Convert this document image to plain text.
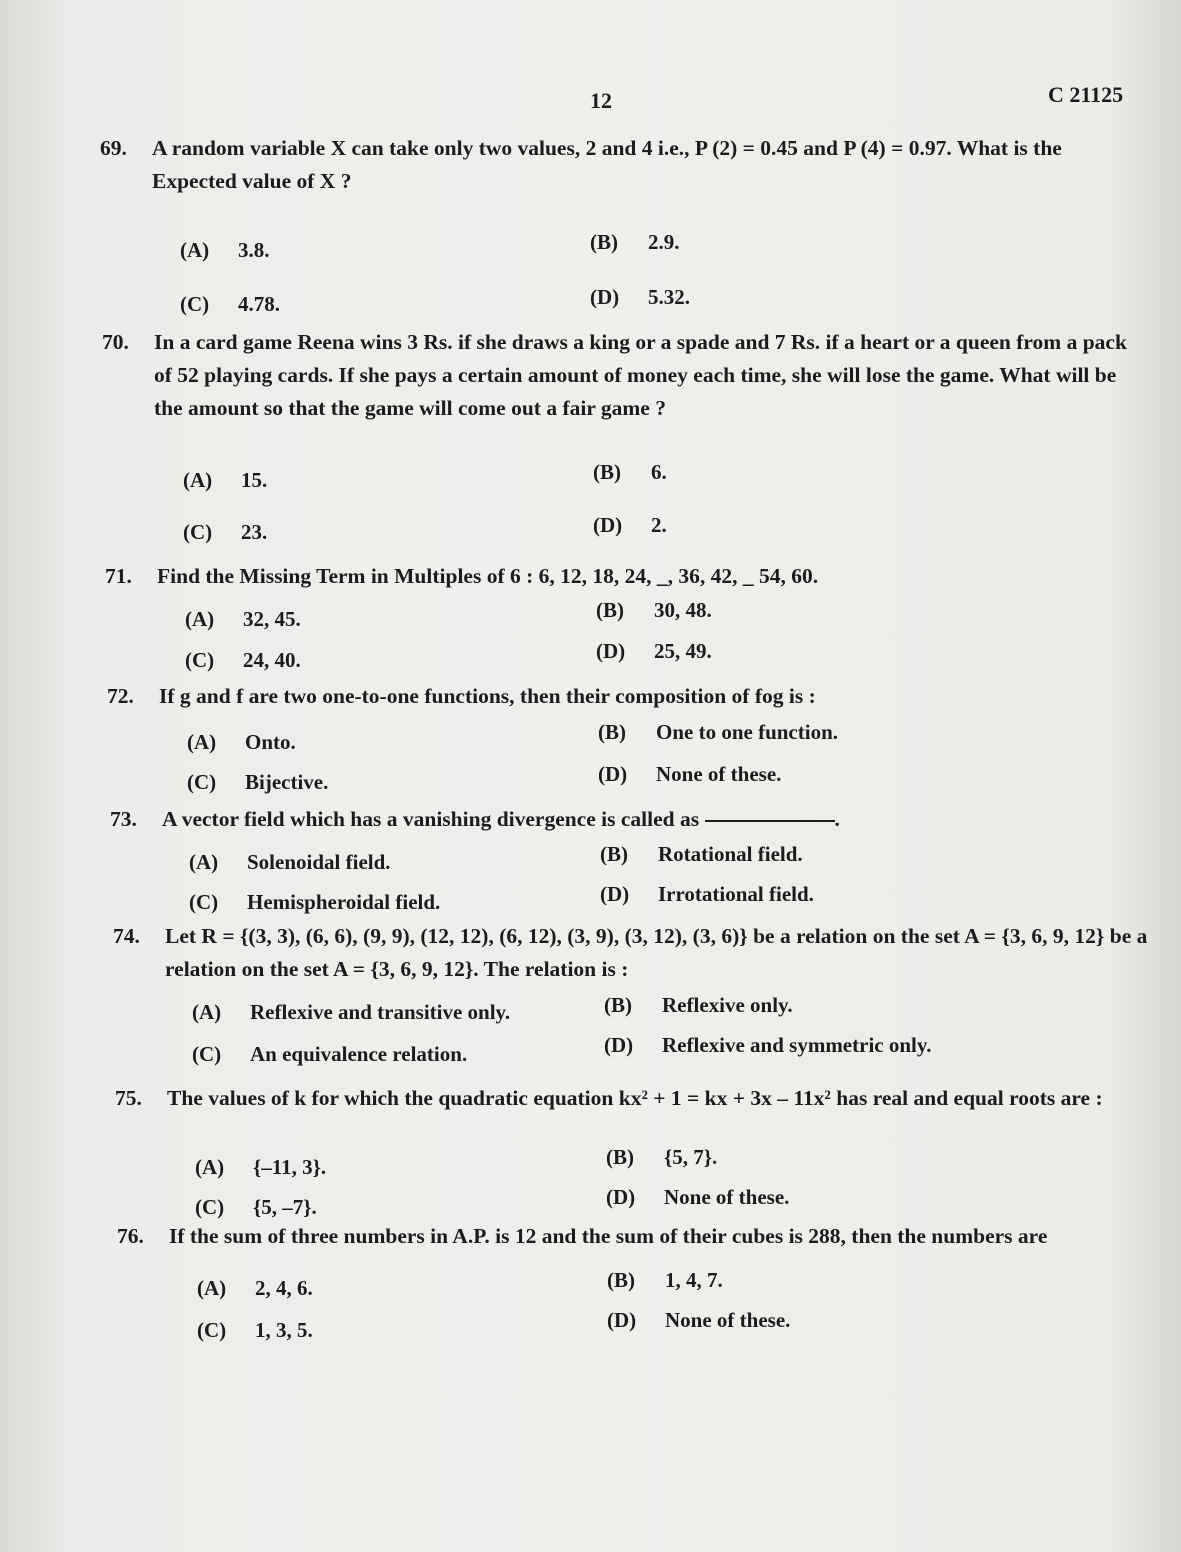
12	C 21125
69.	A random variable X can take only two values, 2 and 4 i.e., P (2) = 0.45 and P (4) = 0.97. What is the Expected value of X ?
(A) 3.8.	(B) 2.9.
(C) 4.78.	(D) 5.32.
70.	In a card game Reena wins 3 Rs. if she draws a king or a spade and 7 Rs. if a heart or a queen from a pack of 52 playing cards. If she pays a certain amount of money each time, she will lose the game. What will be the amount so that the game will come out a fair game ?
(A) 15.	(B) 6.
(C) 23.	(D) 2.
71.	Find the Missing Term in Multiples of 6 : 6, 12, 18, 24, _, 36, 42, _ 54, 60.
(A) 32, 45.	(B) 30, 48.
(C) 24, 40.	(D) 25, 49.
72.	If g and f are two one-to-one functions, then their composition of fog is :
(A) Onto.	(B) One to one function.
(C) Bijective.	(D) None of these.
73.	A vector field which has a vanishing divergence is called as	.
(A) Solenoidal field.	(B) Rotational field.
(C) Hemispheroidal field.	(D) Irrotational field.
74.	Let R = {(3, 3), (6, 6), (9, 9), (12, 12), (6, 12), (3, 9), (3, 12), (3, 6)} be a relation on the set A = {3, 6, 9, 12} be a relation on the set A = {3, 6, 9, 12}. The relation is :
(A) Reflexive and transitive only.	(B) Reflexive only.
(C) An equivalence relation.	(D) Reflexive and symmetric only.
75.	The values of k for which the quadratic equation kx² + 1 = kx + 3x – 11x² has real and equal roots are :
(A) {–11, 3}.	(B) {5, 7}.
(C) {5, –7}.	(D) None of these.
76.	If the sum of three numbers in A.P. is 12 and the sum of their cubes is 288, then the numbers are
(A) 2, 4, 6.	(B) 1, 4, 7.
(C) 1, 3, 5.	(D) None of these.
